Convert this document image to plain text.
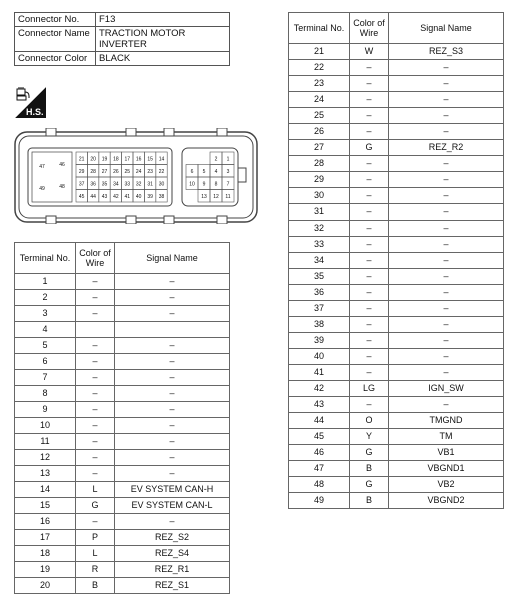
Connector No.	F13
Connector Name	TRACTION MOTOR INVERTER
Connector Color	BLACK
H.S.
47	46
49	48
21 20 19 18 17 16 15 14
29 28 27 26 25 24 23 22
37 36 35 34 33 32 31 30
45 44 43 42 41 40 39 38
2 1
6 5 4 3
10 9 8 7
13 12 11
Terminal No.	Color of
Wire	Signal Name
1	–	–
2	–	–
3	–	–
4		
5	–	–
6	–	–
7	–	–
8	–	–
9	–	–
10	–	–
11	–	–
12	–	–
13	–	–
14	L	EV SYSTEM CAN-H
15	G	EV SYSTEM CAN-L
16	–	–
17	P	REZ_S2
18	L	REZ_S4
19	R	REZ_R1
20	B	REZ_S1
Terminal No.	Color of
Wire	Signal Name
21	W	REZ_S3
22	–	–
23	–	–
24	–	–
25	–	–
26	–	–
27	G	REZ_R2
28	–	–
29	–	–
30	–	–
31	–	–
32	–	–
33	–	–
34	–	–
35	–	–
36	–	–
37	–	–
38	–	–
39	–	–
40	–	–
41	–	–
42	LG	IGN_SW
43	–	–
44	O	TMGND
45	Y	TM
46	G	VB1
47	B	VBGND1
48	G	VB2
49	B	VBGND2
